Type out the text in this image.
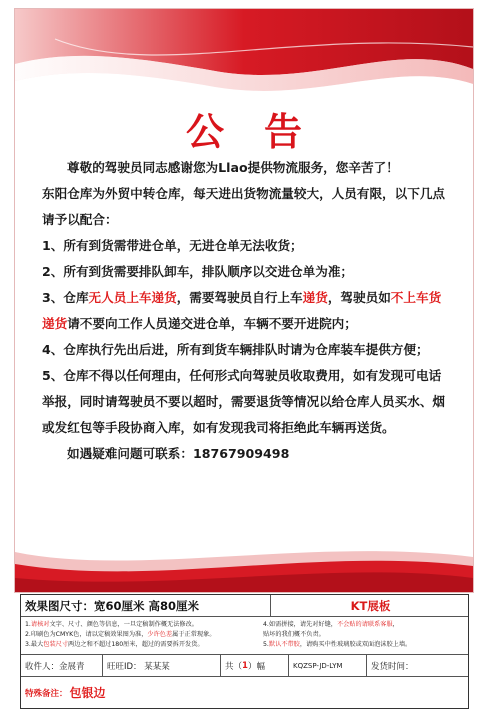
公告

尊敬的驾驶员同志感谢您为Llao提供物流服务，您辛苦了！

东阳仓库为外贸中转仓库，每天进出货物流量较大，人员有限，以下几点请予以配合：

1、所有到货需带进仓单，无进仓单无法收货；

2、所有到货需要排队卸车，排队顺序以交进仓单为准；

3、仓库无人员上车递货，需要驾驶员自行上车递货，驾驶员如不上车货递货请不要向工作人员递交进仓单，车辆不要开进院内；

4、仓库执行先出后进，所有到货车辆排队时请为仓库装车提供方便；

5、仓库不得以任何理由，任何形式向驾驶员收取费用，如有发现可电话举报，同时请驾驶员不要以超时，需要退货等情况以给仓库人员买水、烟或发红包等手段协商入库，如有发现我司将拒绝此车辆再送货。

如遇疑难问题可联系：18767909498

效果图尺寸：宽60厘米 高80厘米	KT展板
1.请核对文字、尺寸、颜色等信息，一旦定稿制作概无法修改。
2.印刷色为CMYK色，请以定稿效果图为准，少许色差属于正常现象。
3.最大包装尺寸两边之和不超过180厘米，超过的需要拆开发货。
4.如需拼接，请先对好缝，不会贴的请联系客服，
贴坏的我们概不负责。
5.默认不带胶，请购买中性玻璃胶或双面泡沫胶上墙。
收件人：金展青	旺旺ID： 某某某	共（ 1 ）幅	KQZSP-JD-LYM	发货时间：
特殊备注： 包银边
